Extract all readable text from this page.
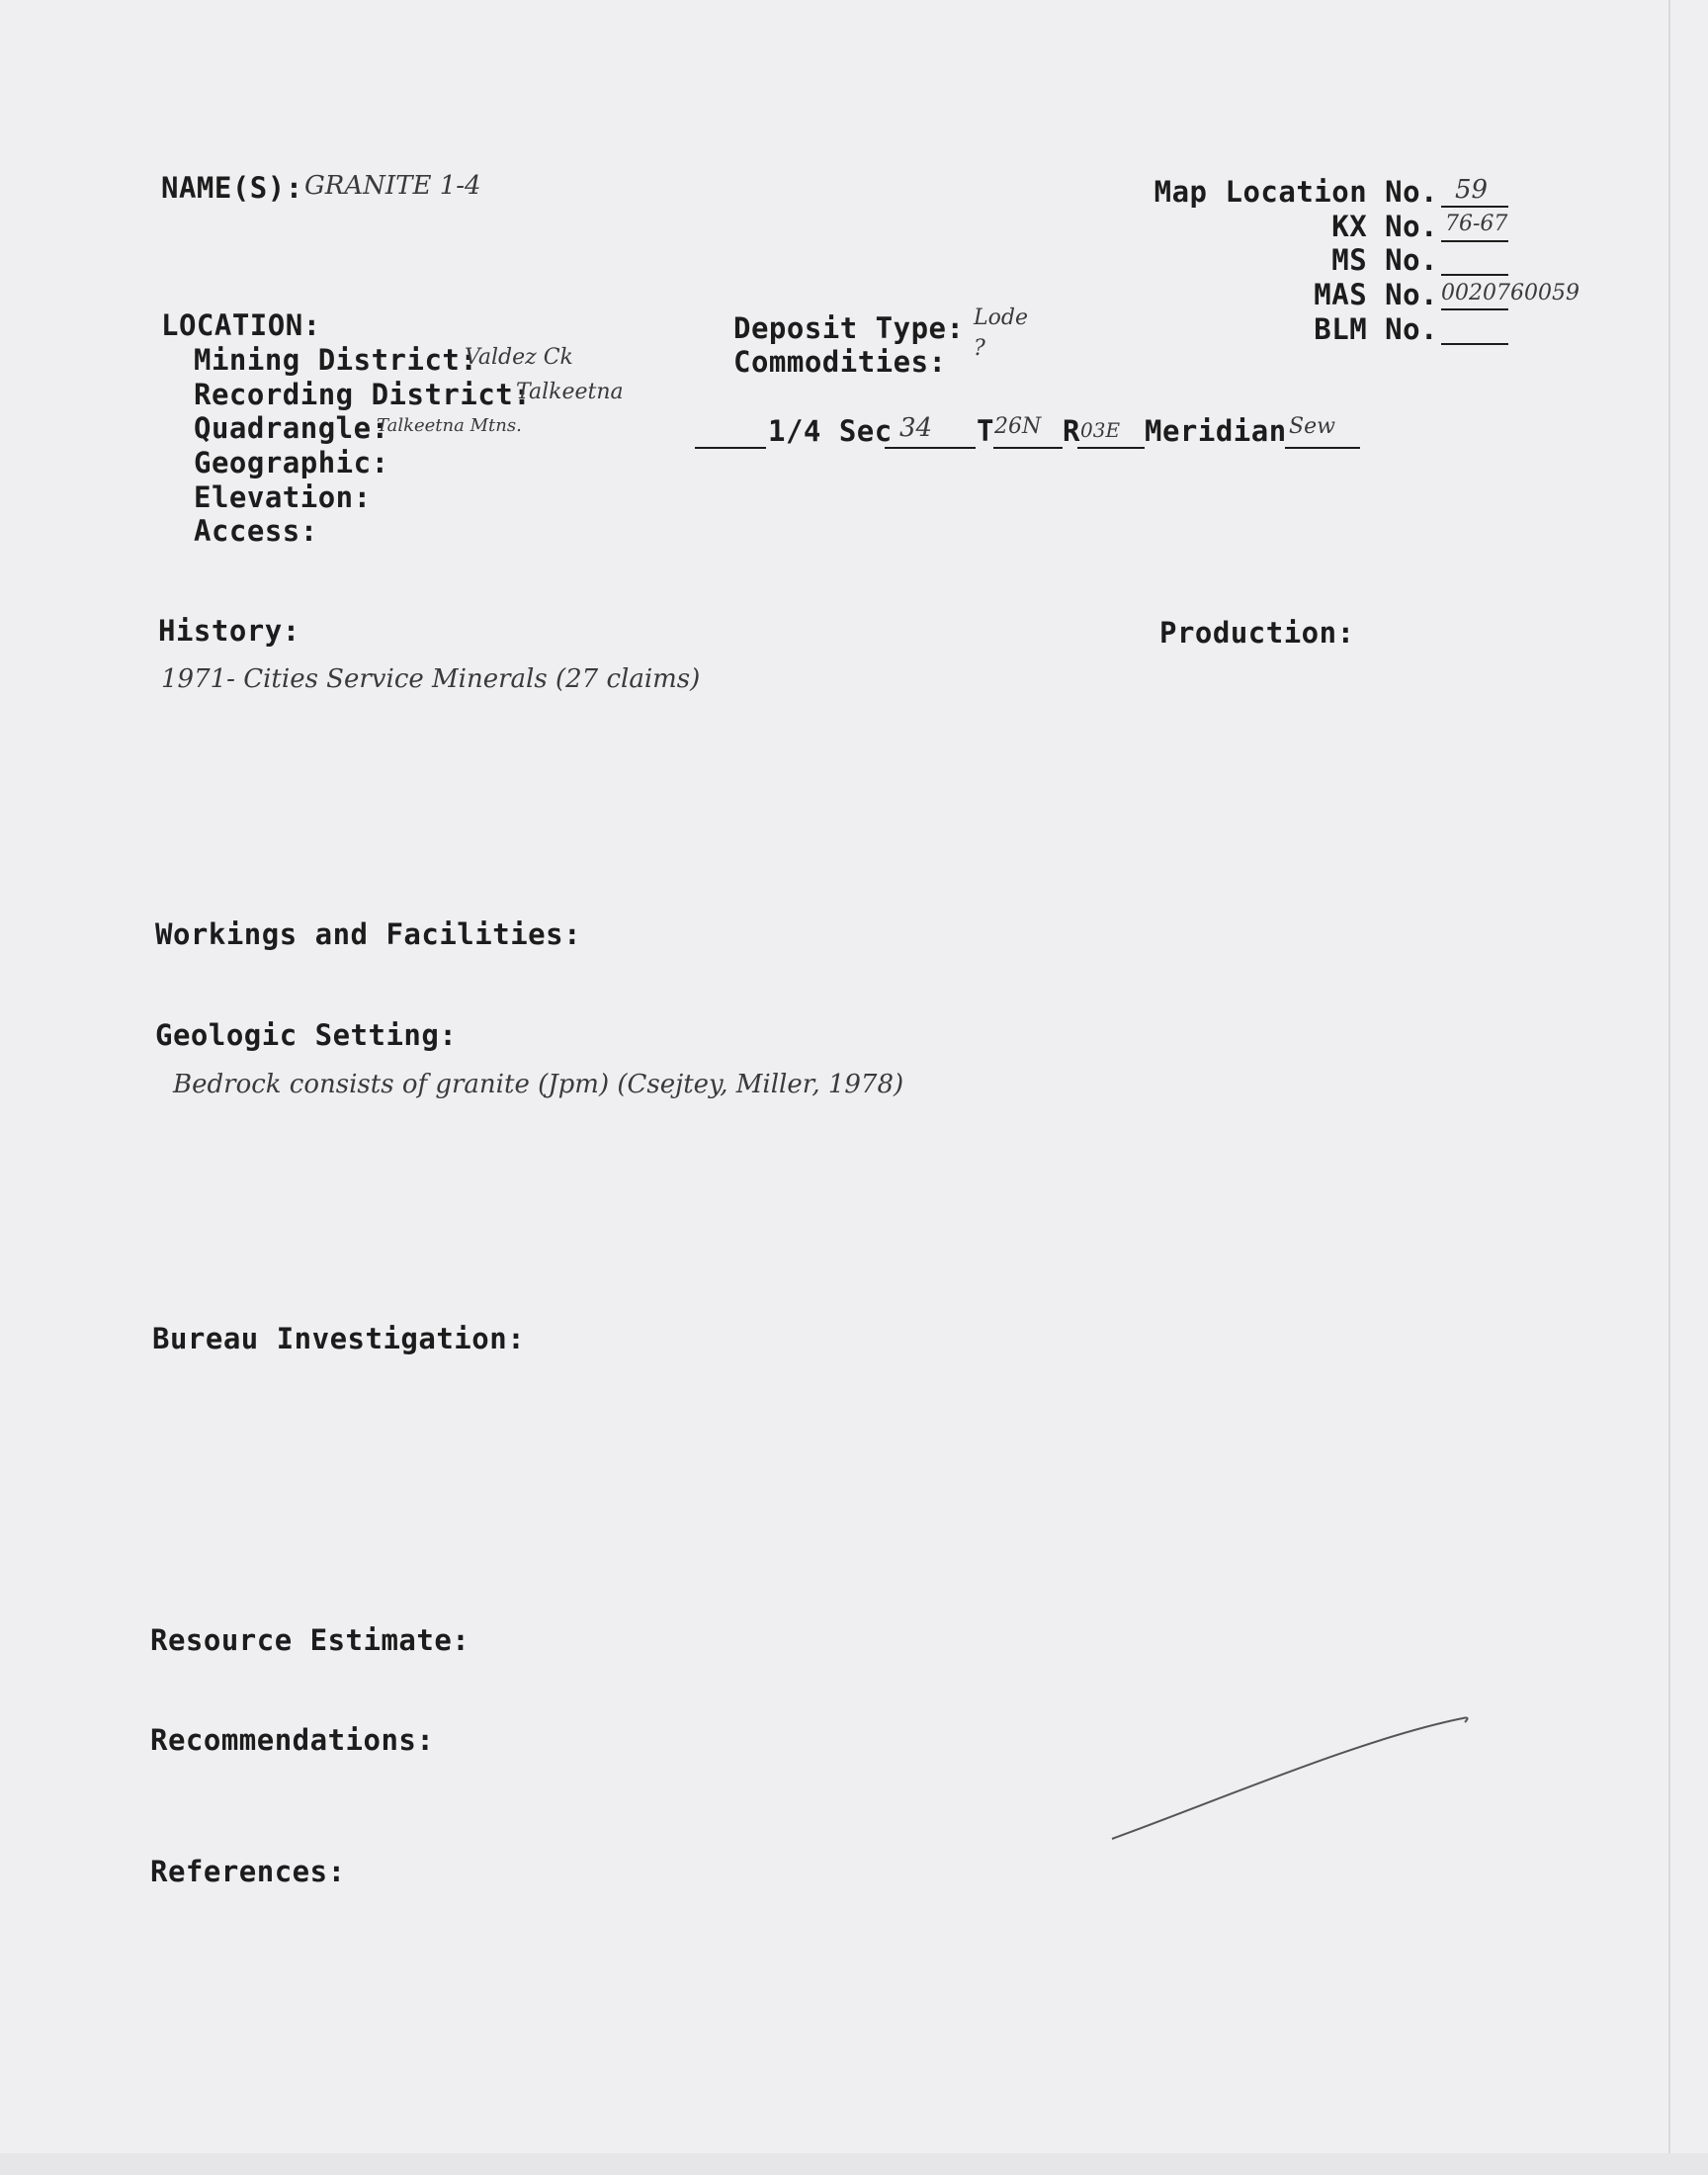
NAME(S): GRANITE 1-4	Map Location No. 59
KX No. 76-67
MS No.
MAS No. 0020760059
BLM No.
LOCATION:
Mining District:
Valdez Ck
Recording District:
Talkeetna
Quadrangle:
Talkeetna Mtns.
Geographic:
Elevation:
Access:
Deposit Type: Lode
Commodities: ?
1/4 Sec 34 T 26N R 03E Meridian Sew
History:
1971- Cities Service Minerals (27 claims)
Production:
Workings and Facilities:
Geologic Setting:
Bedrock consists of granite (Jpm) (Csejtey, Miller, 1978)
Bureau Investigation:
Resource Estimate:
Recommendations:
References:
